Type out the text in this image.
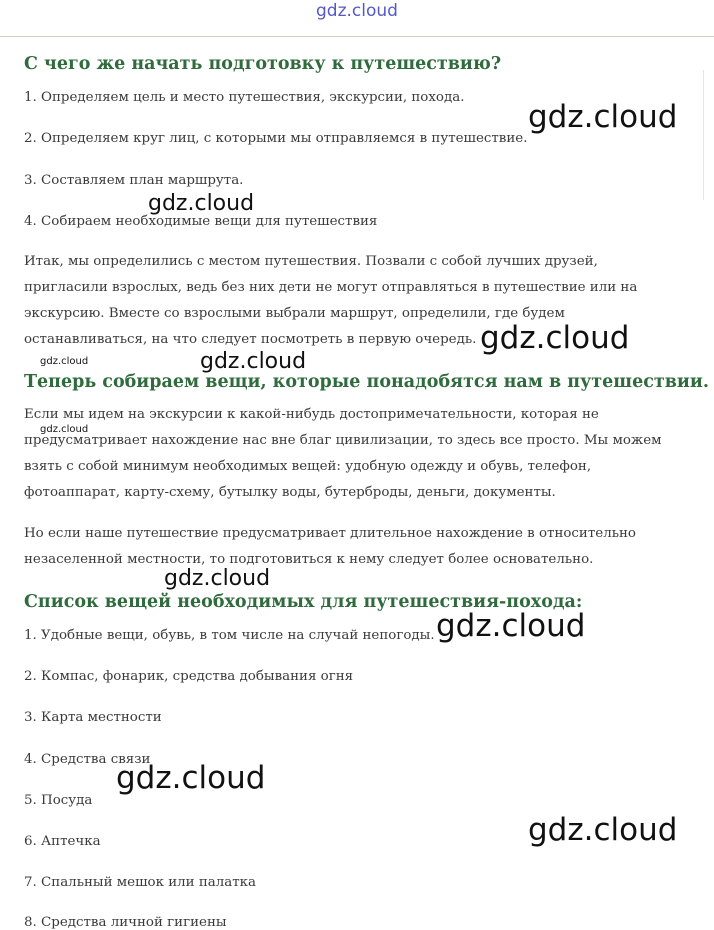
gdz.cloud
С чего же начать подготовку к путешествию?

1. Определяем цель и место путешествия, экскурсии, похода.

2. Определяем круг лиц, с которыми мы отправляемся в путешествие.

3. Составляем план маршрута.

4. Собираем необходимые вещи для путешествия

Итак, мы определились с местом путешествия. Позвали с собой лучших друзей,
пригласили взрослых, ведь без них дети не могут отправляться в путешествие или на
экскурсию. Вместе со взрослыми выбрали маршрут, определили, где будем
останавливаться, на что следует посмотреть в первую очередь.
Теперь собираем вещи, которые понадобятся нам в путешествии.
Если мы идем на экскурсии к какой-нибудь достопримечательности, которая не
предусматривает нахождение нас вне благ цивилизации, то здесь все просто. Мы можем
взять с собой минимум необходимых вещей: удобную одежду и обувь, телефон,
фотоаппарат, карту-схему, бутылку воды, бутерброды, деньги, документы.
Но если наше путешествие предусматривает длительное нахождение в относительно
незаселенной местности, то подготовиться к нему следует более основательно.
Список вещей необходимых для путешествия-похода:

1. Удобные вещи, обувь, в том числе на случай непогоды.

2. Компас, фонарик, средства добывания огня

3. Карта местности

4. Средства связи

5. Посуда

6. Аптечка

7. Спальный мешок или палатка

8. Средства личной гигиены

gdz.cloud
gdz.cloud
gdz.cloud
gdz.cloud	gdz.cloud
gdz.cloud
gdz.cloud
gdz.cloud
gdz.cloud
gdz.cloud
